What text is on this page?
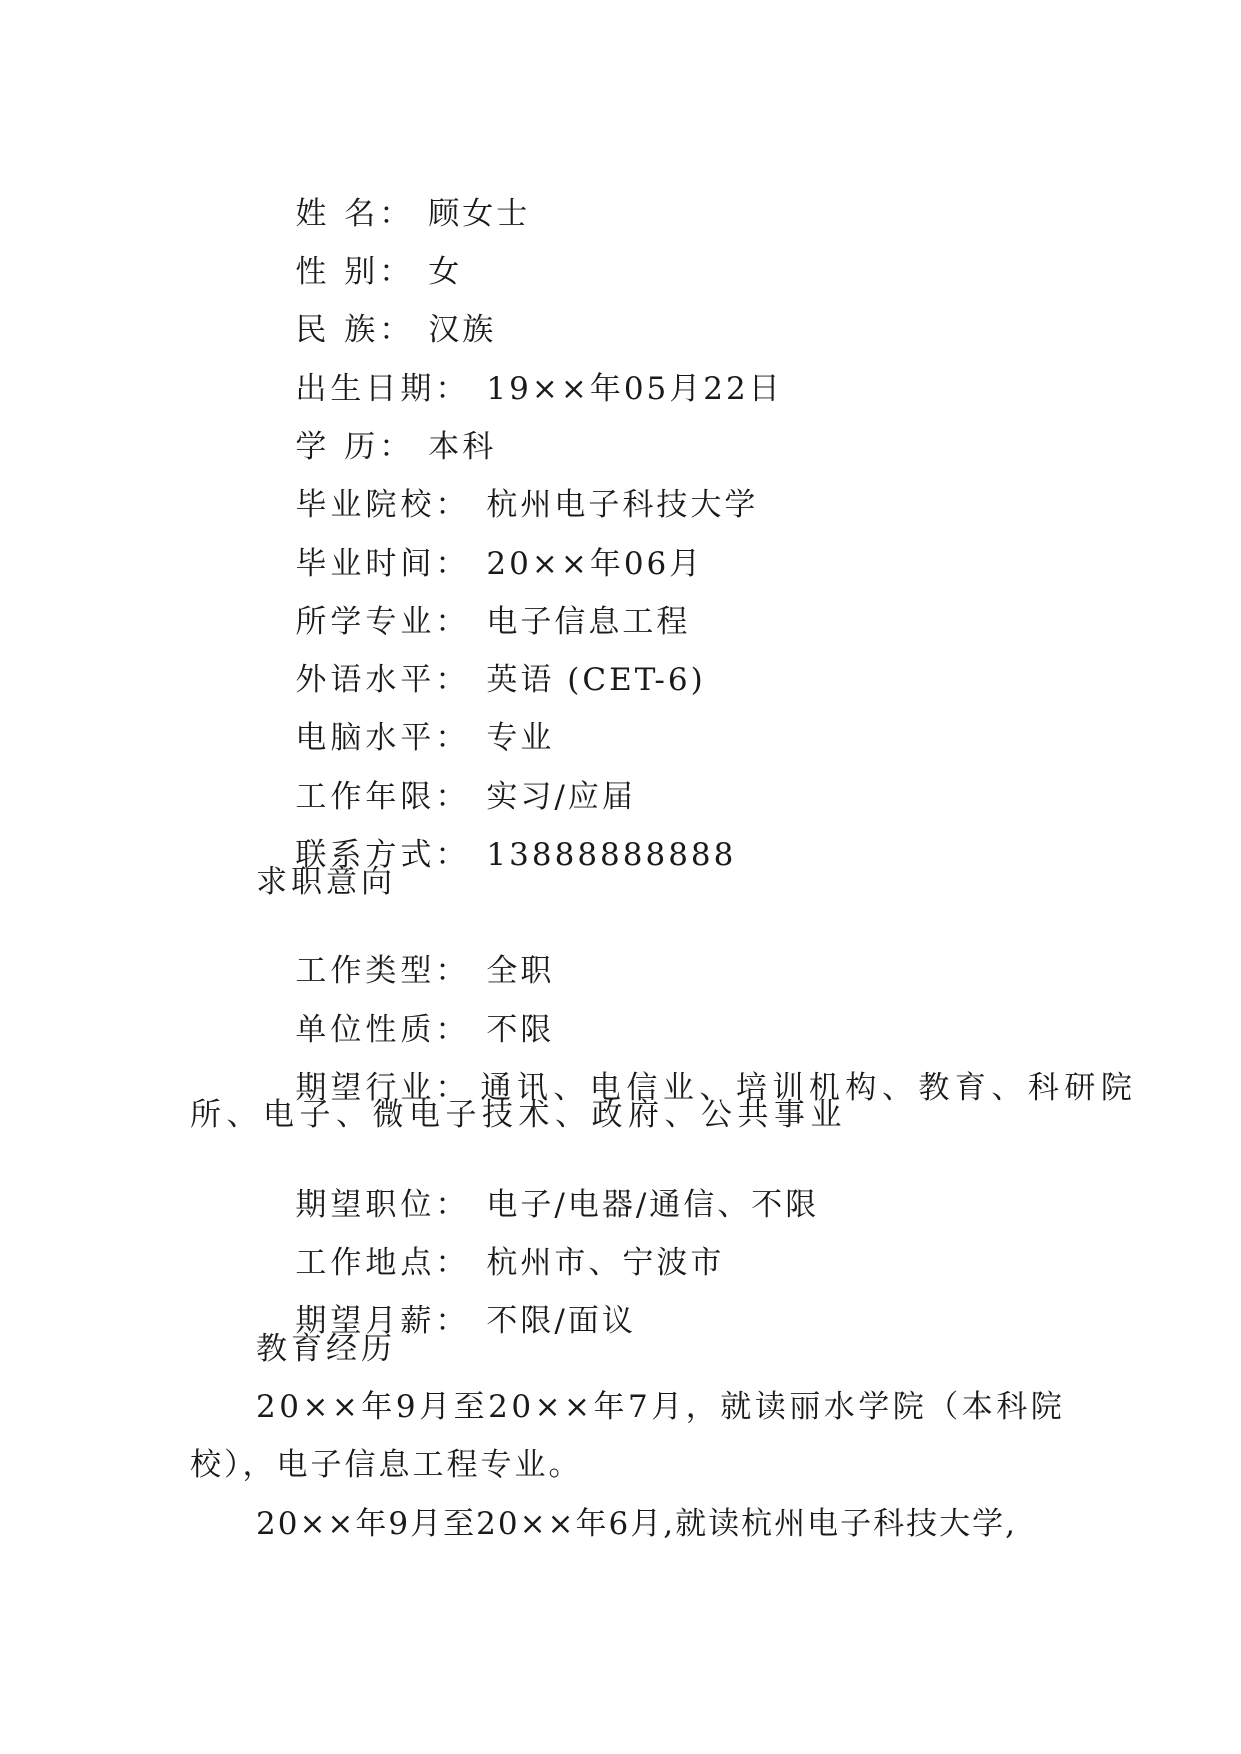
姓 名： 顾女士

性 别： 女

民 族： 汉族

出生日期： 19××年05月22日

学 历： 本科

毕业院校： 杭州电子科技大学

毕业时间： 20××年06月

所学专业： 电子信息工程

外语水平： 英语 (CET-6)

电脑水平： 专业

工作年限： 实习/应届

联系方式： 13888888888

求职意向

工作类型： 全职

单位性质： 不限

期望行业： 通讯、电信业、培训机构、教育、科研院

所、电子、微电子技术、政府、公共事业

期望职位： 电子/电器/通信、不限

工作地点： 杭州市、宁波市

期望月薪： 不限/面议

教育经历
20××年9月至20××年7月，就读丽水学院（本科院
校），电子信息工程专业。
20××年9月至20××年6月,就读杭州电子科技大学,
